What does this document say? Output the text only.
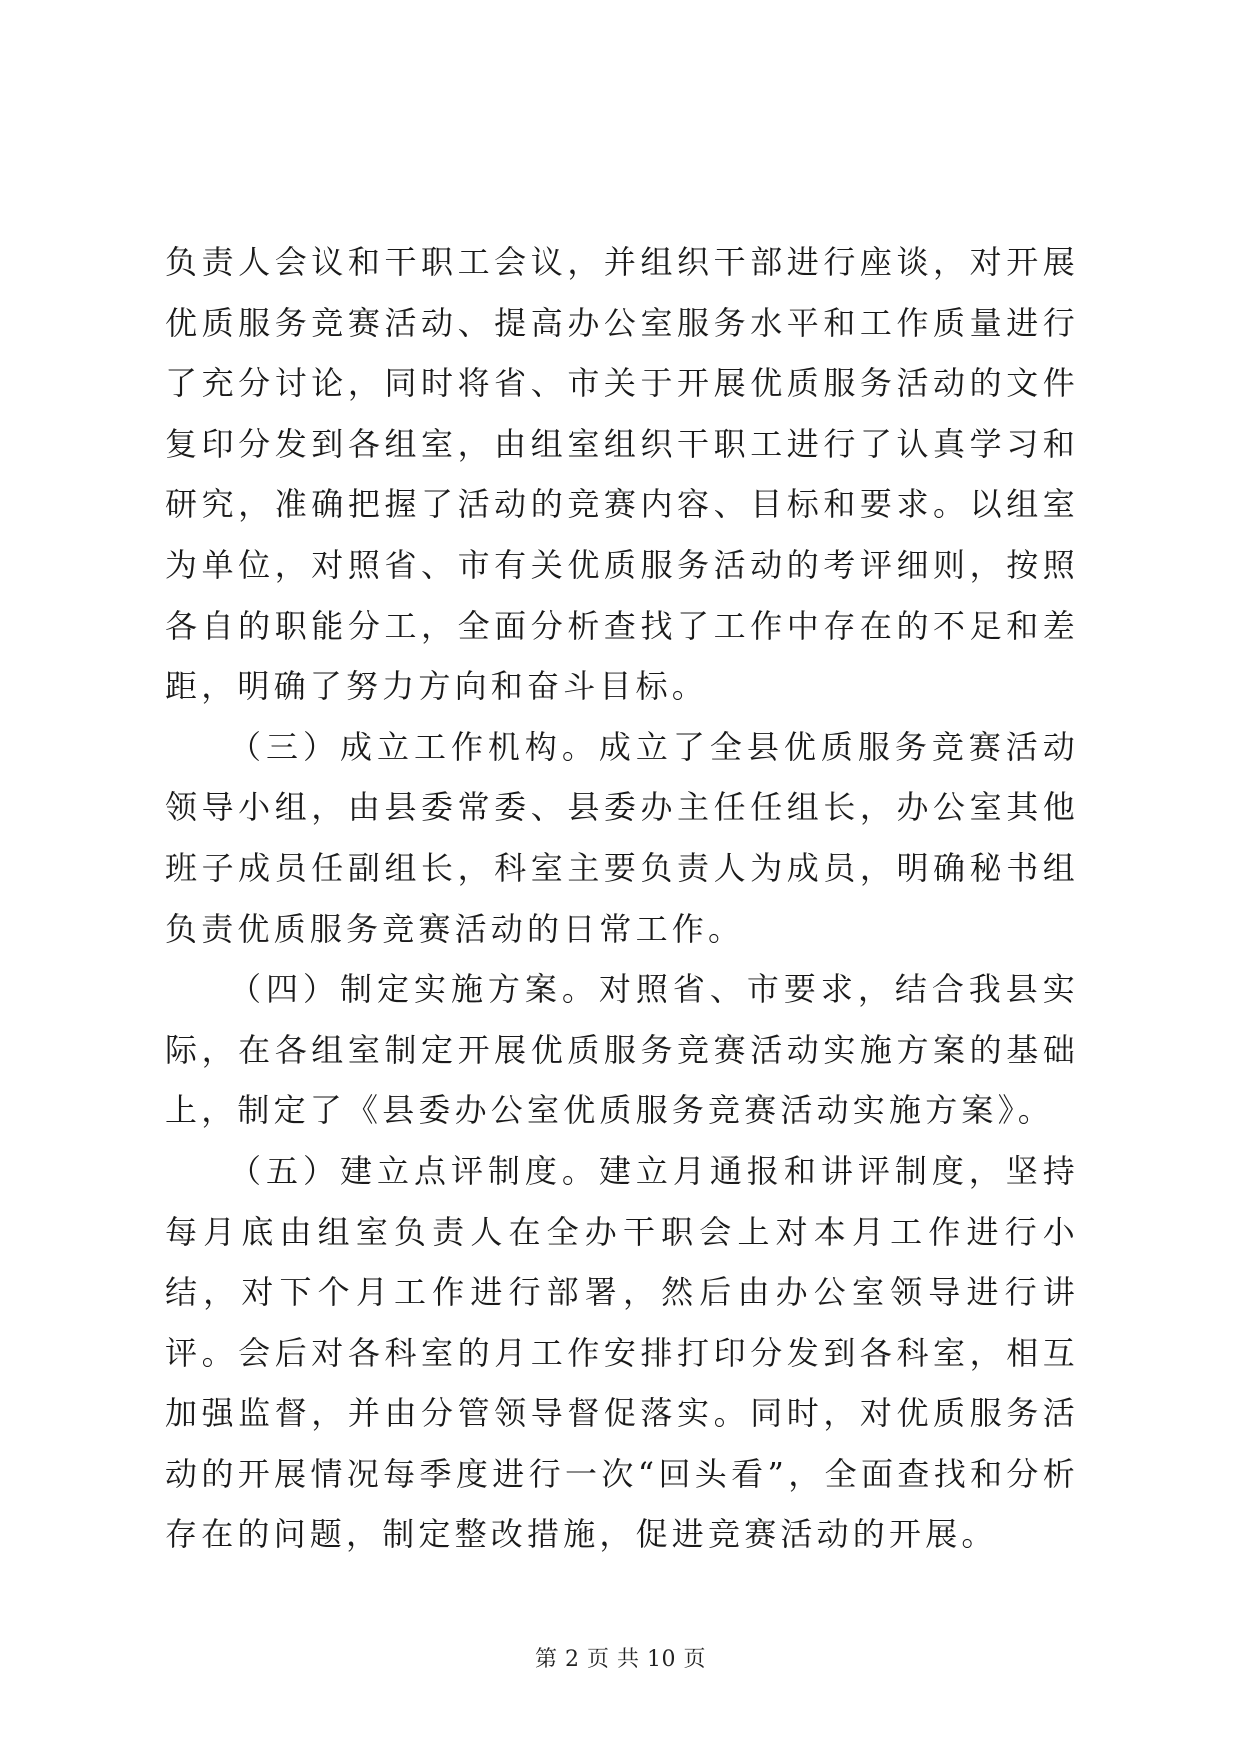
负责人会议和干职工会议，并组织干部进行座谈，对开展优质服务竞赛活动、提高办公室服务水平和工作质量进行了充分讨论，同时将省、市关于开展优质服务活动的文件复印分发到各组室，由组室组织干职工进行了认真学习和研究，准确把握了活动的竞赛内容、目标和要求。以组室为单位，对照省、市有关优质服务活动的考评细则，按照各自的职能分工，全面分析查找了工作中存在的不足和差距，明确了努力方向和奋斗目标。

（三）成立工作机构。成立了全县优质服务竞赛活动领导小组，由县委常委、县委办主任任组长，办公室其他班子成员任副组长，科室主要负责人为成员，明确秘书组负责优质服务竞赛活动的日常工作。

（四）制定实施方案。对照省、市要求，结合我县实际，在各组室制定开展优质服务竞赛活动实施方案的基础上，制定了《县委办公室优质服务竞赛活动实施方案》。

（五）建立点评制度。建立月通报和讲评制度，坚持每月底由组室负责人在全办干职会上对本月工作进行小结，对下个月工作进行部署，然后由办公室领导进行讲评。会后对各科室的月工作安排打印分发到各科室，相互加强监督，并由分管领导督促落实。同时，对优质服务活动的开展情况每季度进行一次“回头看”，全面查找和分析存在的问题，制定整改措施，促进竞赛活动的开展。

第 2 页 共 10 页
